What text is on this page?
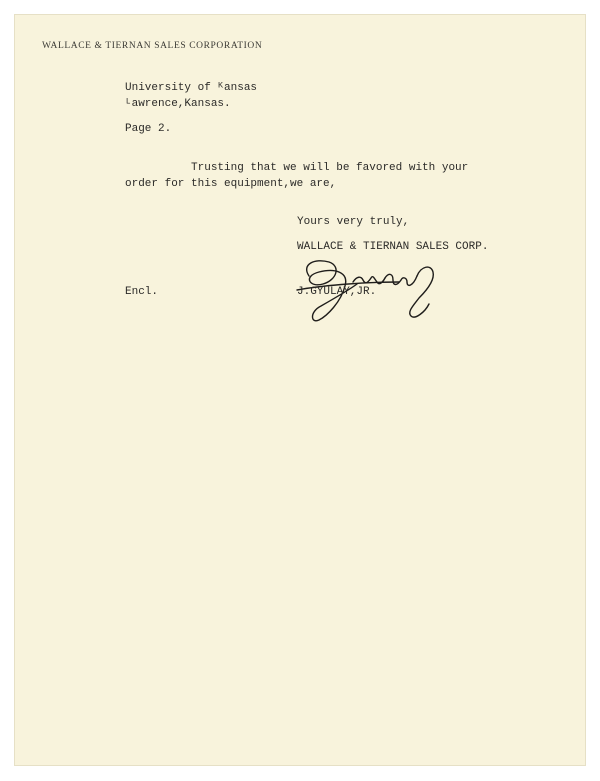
WALLACE & TIERNAN SALES CORPORATION
University of ᴷansas
ᴸawrence,Kansas.
Page 2.
Trusting that we will be favored with your
order for this equipment,we are,
Yours very truly,
WALLACE & TIERNAN SALES CORP.
J.GYULAY,JR.
Encl.
